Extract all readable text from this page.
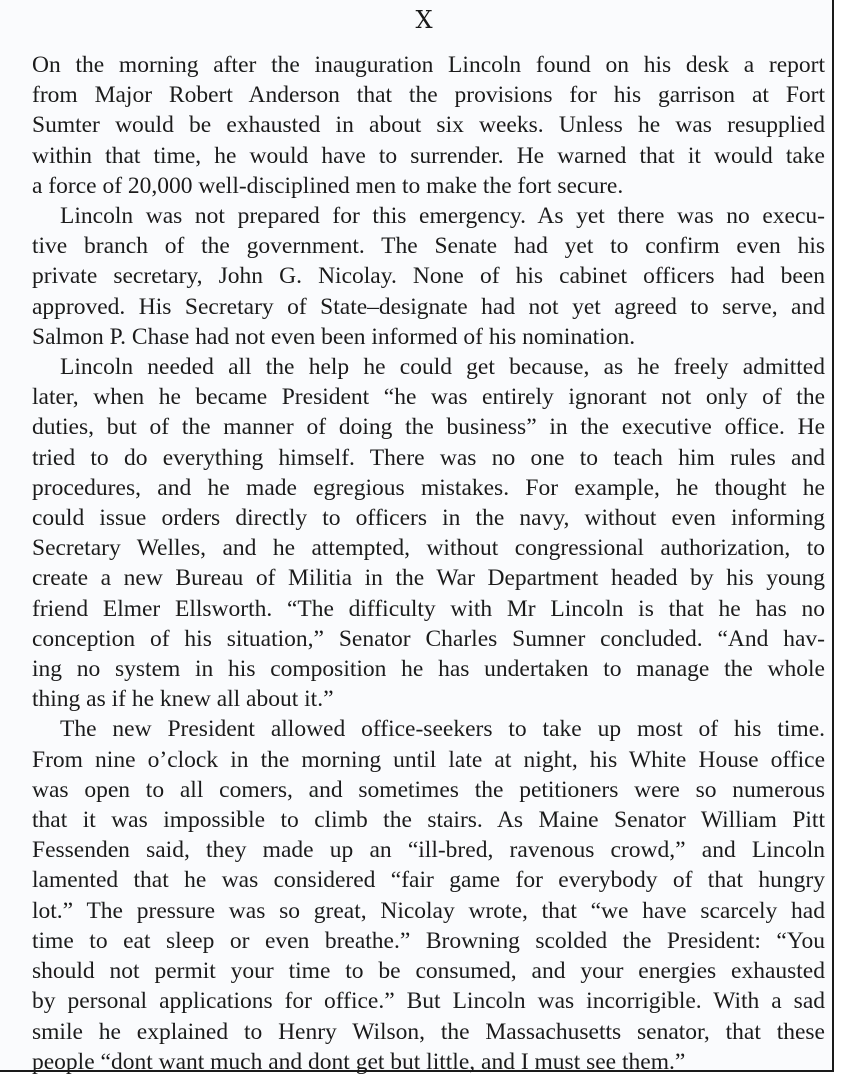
X
On the morning after the inauguration Lincoln found on his desk a report
from Major Robert Anderson that the provisions for his garrison at Fort
Sumter would be exhausted in about six weeks. Unless he was resupplied
within that time, he would have to surrender. He warned that it would take
a force of 20,000 well-disciplined men to make the fort secure.
Lincoln was not prepared for this emergency. As yet there was no execu-
tive branch of the government. The Senate had yet to confirm even his
private secretary, John G. Nicolay. None of his cabinet officers had been
approved. His Secretary of State–designate had not yet agreed to serve, and
Salmon P. Chase had not even been informed of his nomination.
Lincoln needed all the help he could get because, as he freely admitted
later, when he became President “he was entirely ignorant not only of the
duties, but of the manner of doing the business” in the executive office. He
tried to do everything himself. There was no one to teach him rules and
procedures, and he made egregious mistakes. For example, he thought he
could issue orders directly to officers in the navy, without even informing
Secretary Welles, and he attempted, without congressional authorization, to
create a new Bureau of Militia in the War Department headed by his young
friend Elmer Ellsworth. “The difficulty with Mr Lincoln is that he has no
conception of his situation,” Senator Charles Sumner concluded. “And hav-
ing no system in his composition he has undertaken to manage the whole
thing as if he knew all about it.”
The new President allowed office-seekers to take up most of his time.
From nine o’clock in the morning until late at night, his White House office
was open to all comers, and sometimes the petitioners were so numerous
that it was impossible to climb the stairs. As Maine Senator William Pitt
Fessenden said, they made up an “ill-bred, ravenous crowd,” and Lincoln
lamented that he was considered “fair game for everybody of that hungry
lot.” The pressure was so great, Nicolay wrote, that “we have scarcely had
time to eat sleep or even breathe.” Browning scolded the President: “You
should not permit your time to be consumed, and your energies exhausted
by personal applications for office.” But Lincoln was incorrigible. With a sad
smile he explained to Henry Wilson, the Massachusetts senator, that these
people “dont want much and dont get but little, and I must see them.”
